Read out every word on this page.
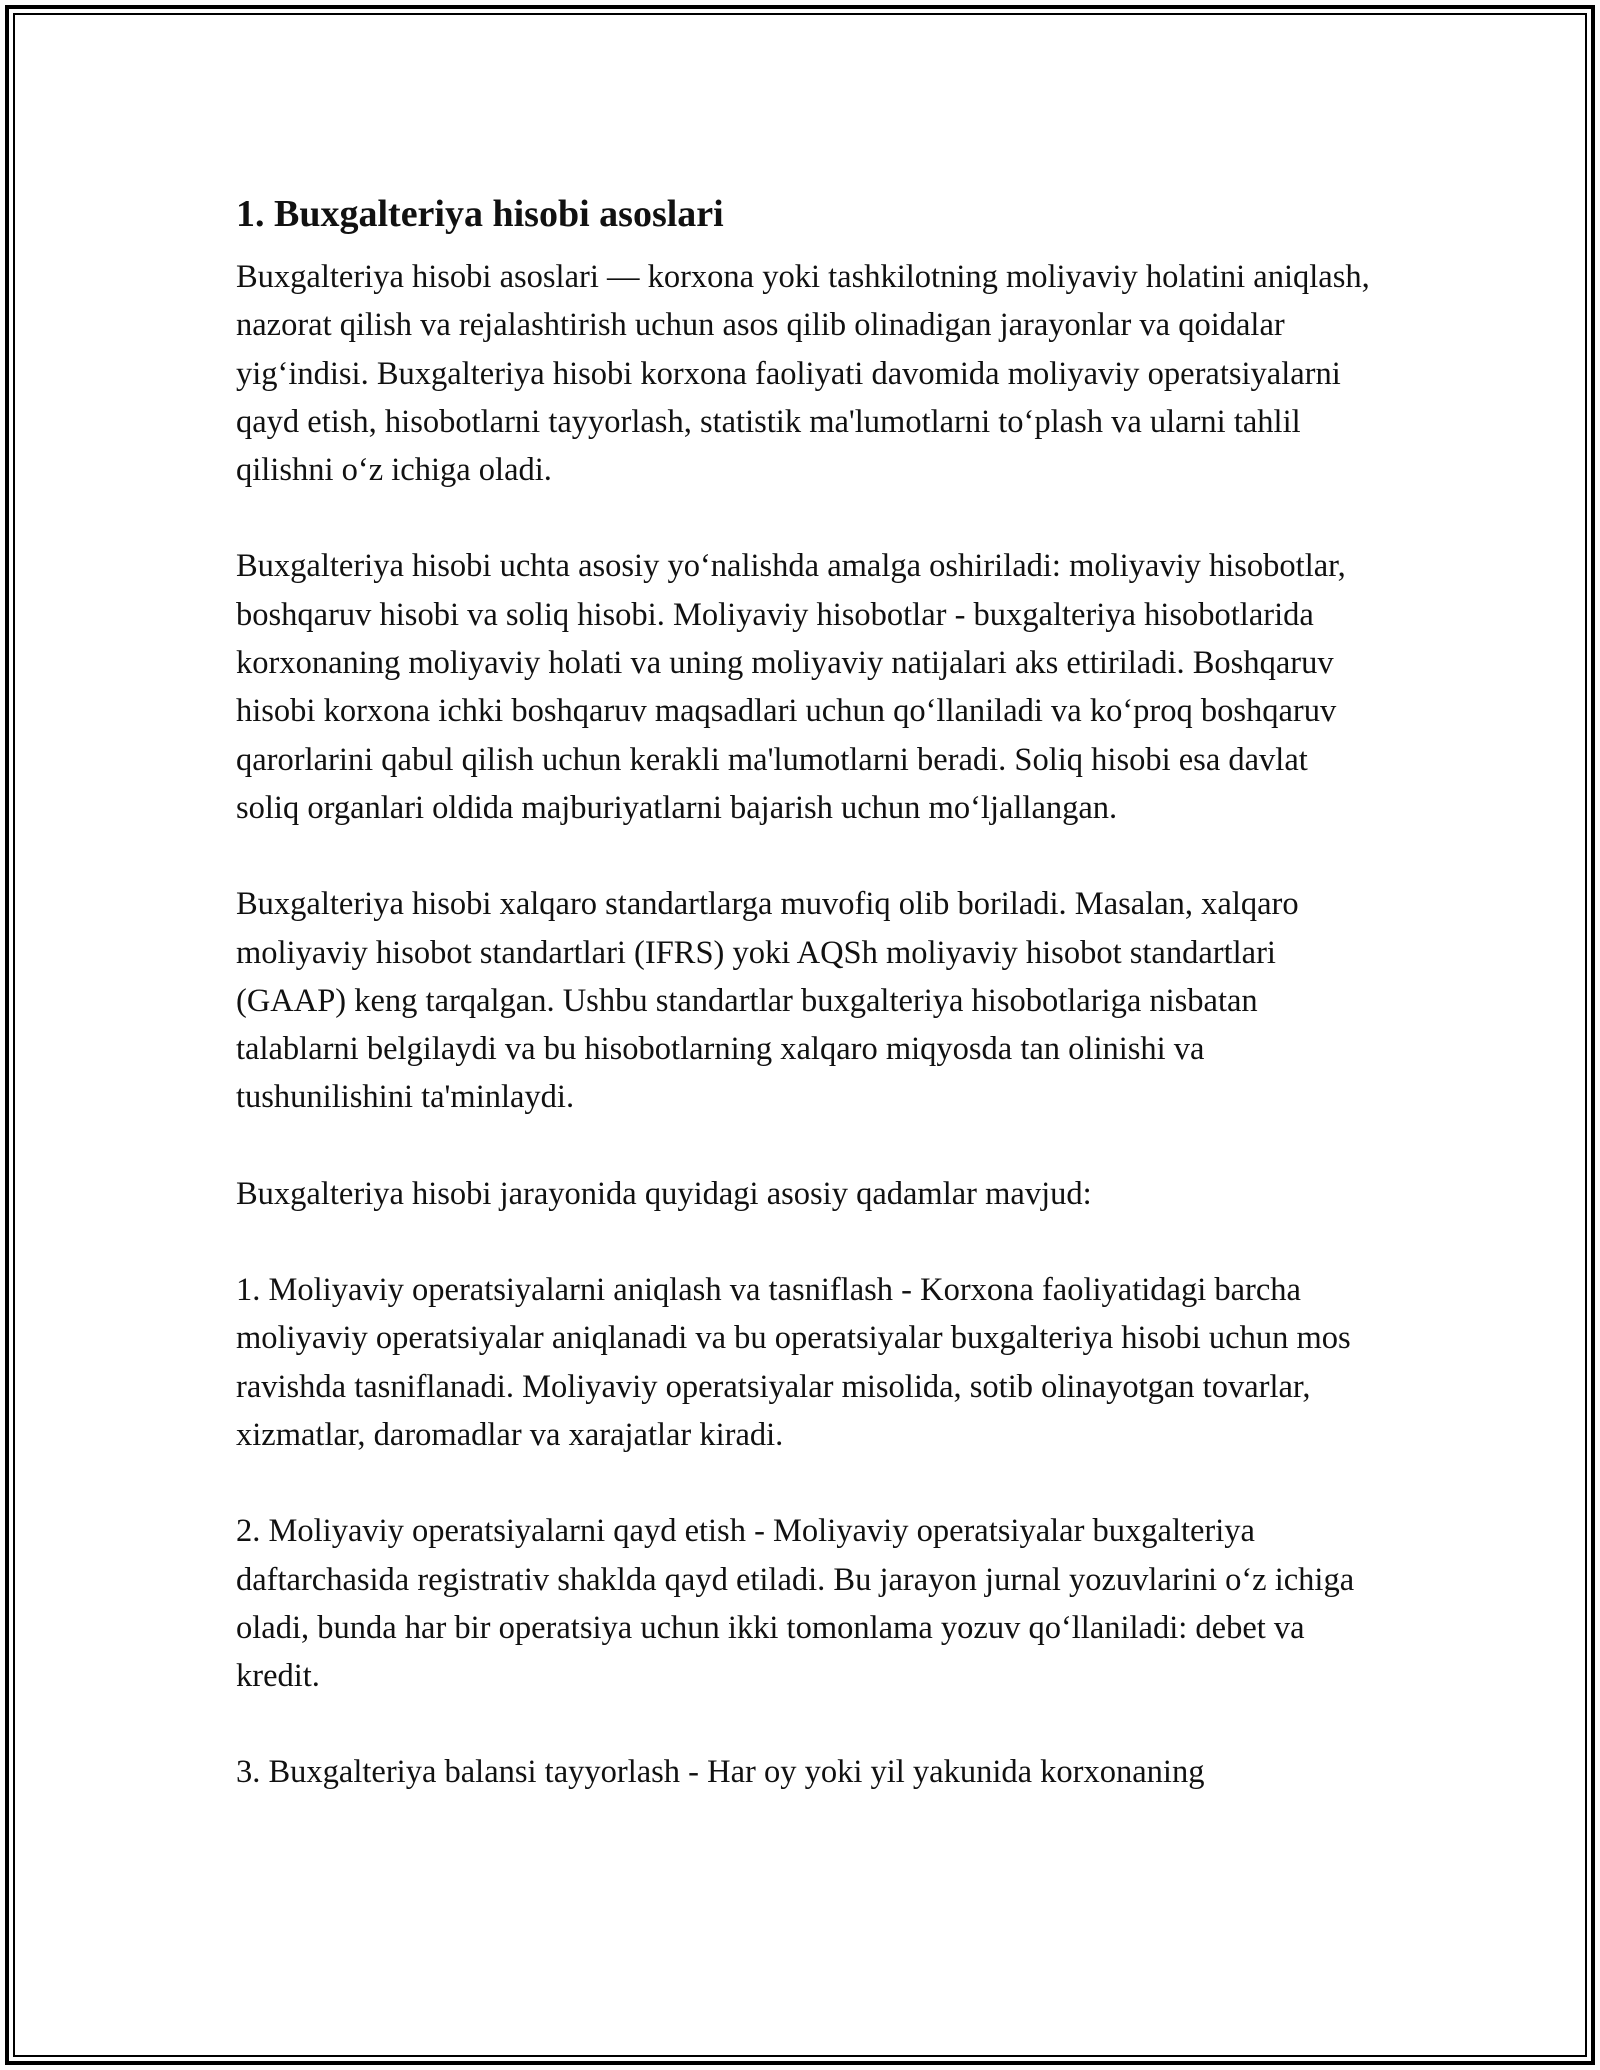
1. Buxgalteriya hisobi asoslari

Buxgalteriya hisobi asoslari — korxona yoki tashkilotning moliyaviy holatini aniqlash, nazorat qilish va rejalashtirish uchun asos qilib olinadigan jarayonlar va qoidalar yig‘indisi. Buxgalteriya hisobi korxona faoliyati davomida moliyaviy operatsiyalarni qayd etish, hisobotlarni tayyorlash, statistik ma'lumotlarni to‘plash va ularni tahlil qilishni o‘z ichiga oladi.

Buxgalteriya hisobi uchta asosiy yo‘nalishda amalga oshiriladi: moliyaviy hisobotlar, boshqaruv hisobi va soliq hisobi. Moliyaviy hisobotlar - buxgalteriya hisobotlarida korxonaning moliyaviy holati va uning moliyaviy natijalari aks ettiriladi. Boshqaruv hisobi korxona ichki boshqaruv maqsadlari uchun qo‘llaniladi va ko‘proq boshqaruv qarorlarini qabul qilish uchun kerakli ma'lumotlarni beradi. Soliq hisobi esa davlat soliq organlari oldida majburiyatlarni bajarish uchun mo‘ljallangan.

Buxgalteriya hisobi xalqaro standartlarga muvofiq olib boriladi. Masalan, xalqaro moliyaviy hisobot standartlari (IFRS) yoki AQSh moliyaviy hisobot standartlari (GAAP) keng tarqalgan. Ushbu standartlar buxgalteriya hisobotlariga nisbatan talablarni belgilaydi va bu hisobotlarning xalqaro miqyosda tan olinishi va tushunilishini ta'minlaydi.

Buxgalteriya hisobi jarayonida quyidagi asosiy qadamlar mavjud:

1. Moliyaviy operatsiyalarni aniqlash va tasniflash - Korxona faoliyatidagi barcha moliyaviy operatsiyalar aniqlanadi va bu operatsiyalar buxgalteriya hisobi uchun mos ravishda tasniflanadi. Moliyaviy operatsiyalar misolida, sotib olinayotgan tovarlar, xizmatlar, daromadlar va xarajatlar kiradi.

2. Moliyaviy operatsiyalarni qayd etish - Moliyaviy operatsiyalar buxgalteriya daftarchasida registrativ shaklda qayd etiladi. Bu jarayon jurnal yozuvlarini o‘z ichiga oladi, bunda har bir operatsiya uchun ikki tomonlama yozuv qo‘llaniladi: debet va kredit.

3. Buxgalteriya balansi tayyorlash - Har oy yoki yil yakunida korxonaning
